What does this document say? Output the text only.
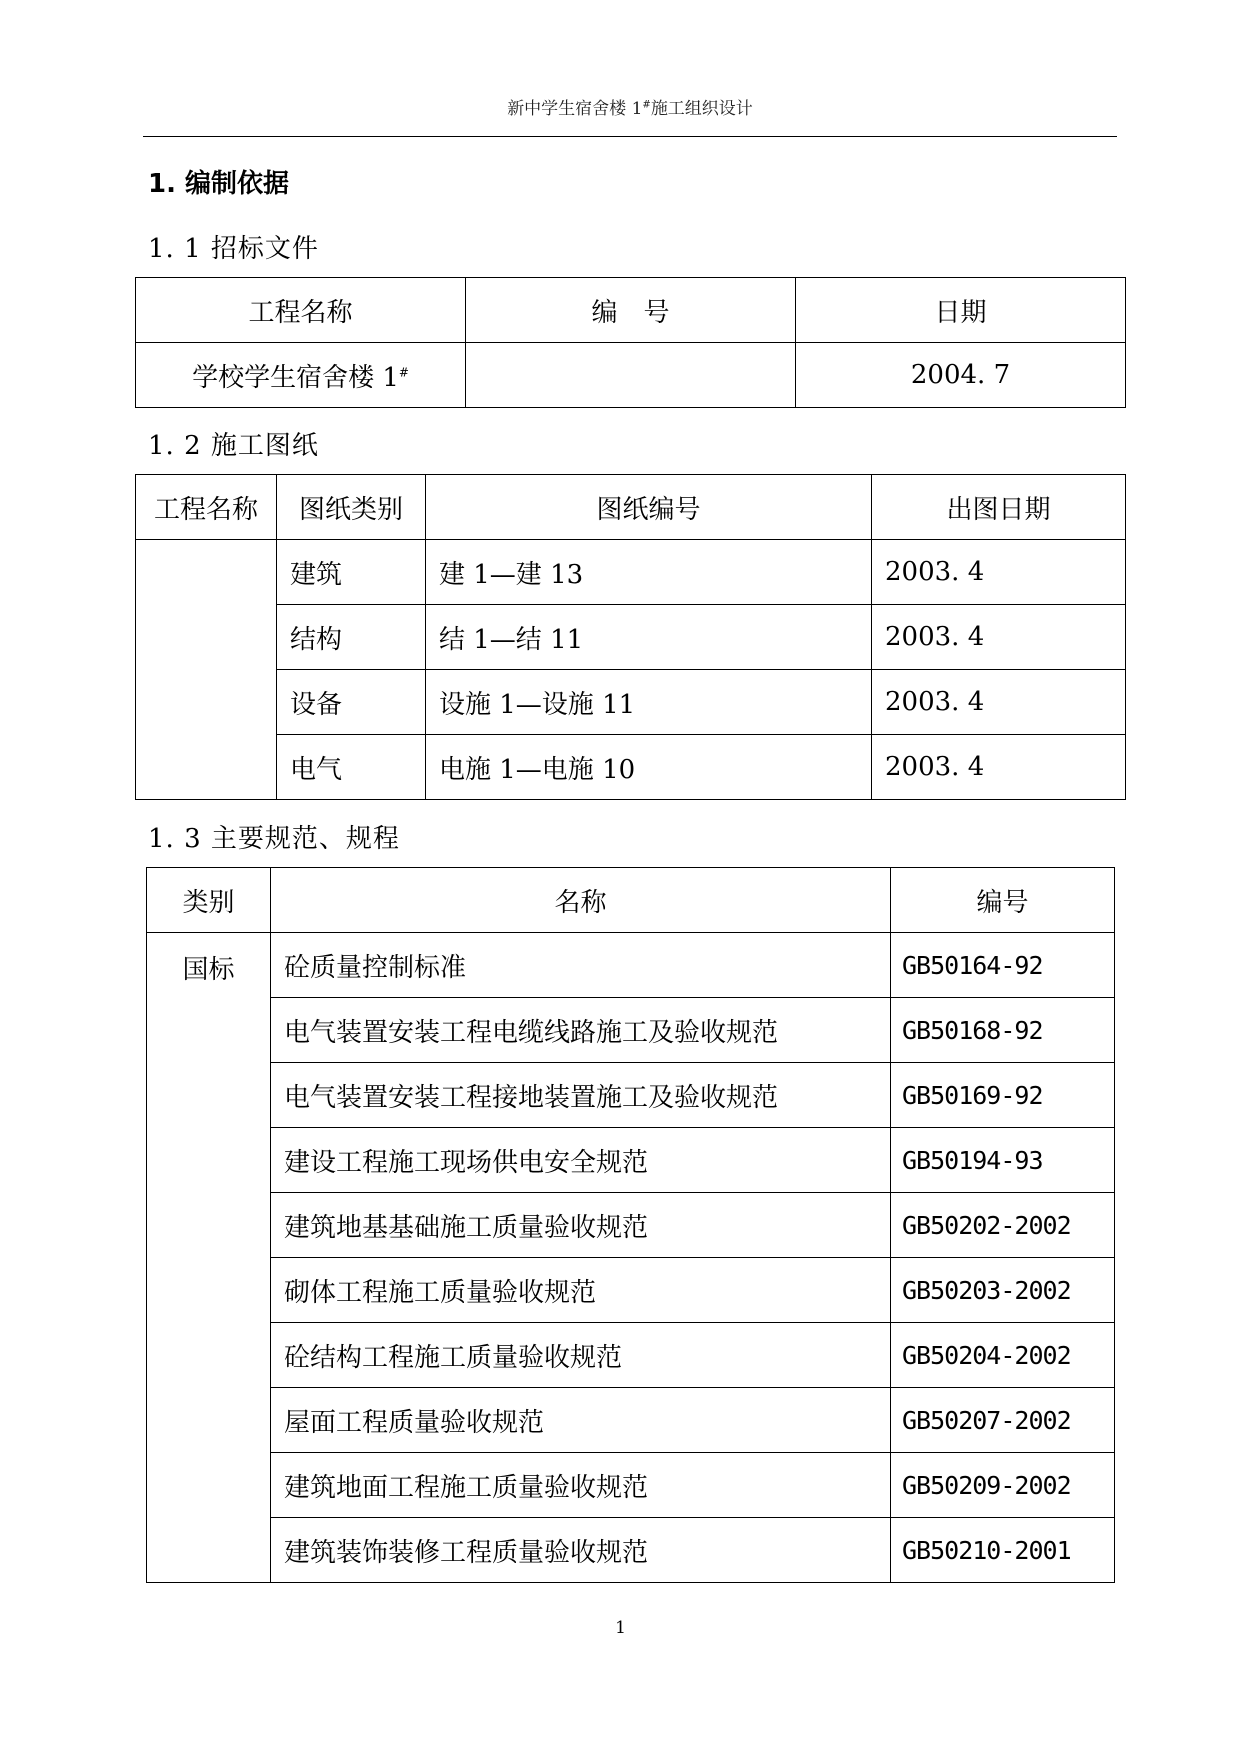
新中学生宿舍楼 1#施工组织设计
1. 编制依据
1. 1 招标文件
工程名称	编　号	日期
学校学生宿舍楼 1#		2004. 7
1. 2 施工图纸
工程名称	图纸类别	图纸编号	出图日期
	建筑	建 1—建 13	2003. 4
	结构	结 1—结 11	2003. 4
	设备	设施 1—设施 11	2003. 4
	电气	电施 1—电施 10	2003. 4
1. 3 主要规范、规程
类别	名称	编号
国标	砼质量控制标准	GB50164-92
	电气装置安装工程电缆线路施工及验收规范	GB50168-92
	电气装置安装工程接地装置施工及验收规范	GB50169-92
	建设工程施工现场供电安全规范	GB50194-93
	建筑地基基础施工质量验收规范	GB50202-2002
	砌体工程施工质量验收规范	GB50203-2002
	砼结构工程施工质量验收规范	GB50204-2002
	屋面工程质量验收规范	GB50207-2002
	建筑地面工程施工质量验收规范	GB50209-2002
	建筑装饰装修工程质量验收规范	GB50210-2001
1
